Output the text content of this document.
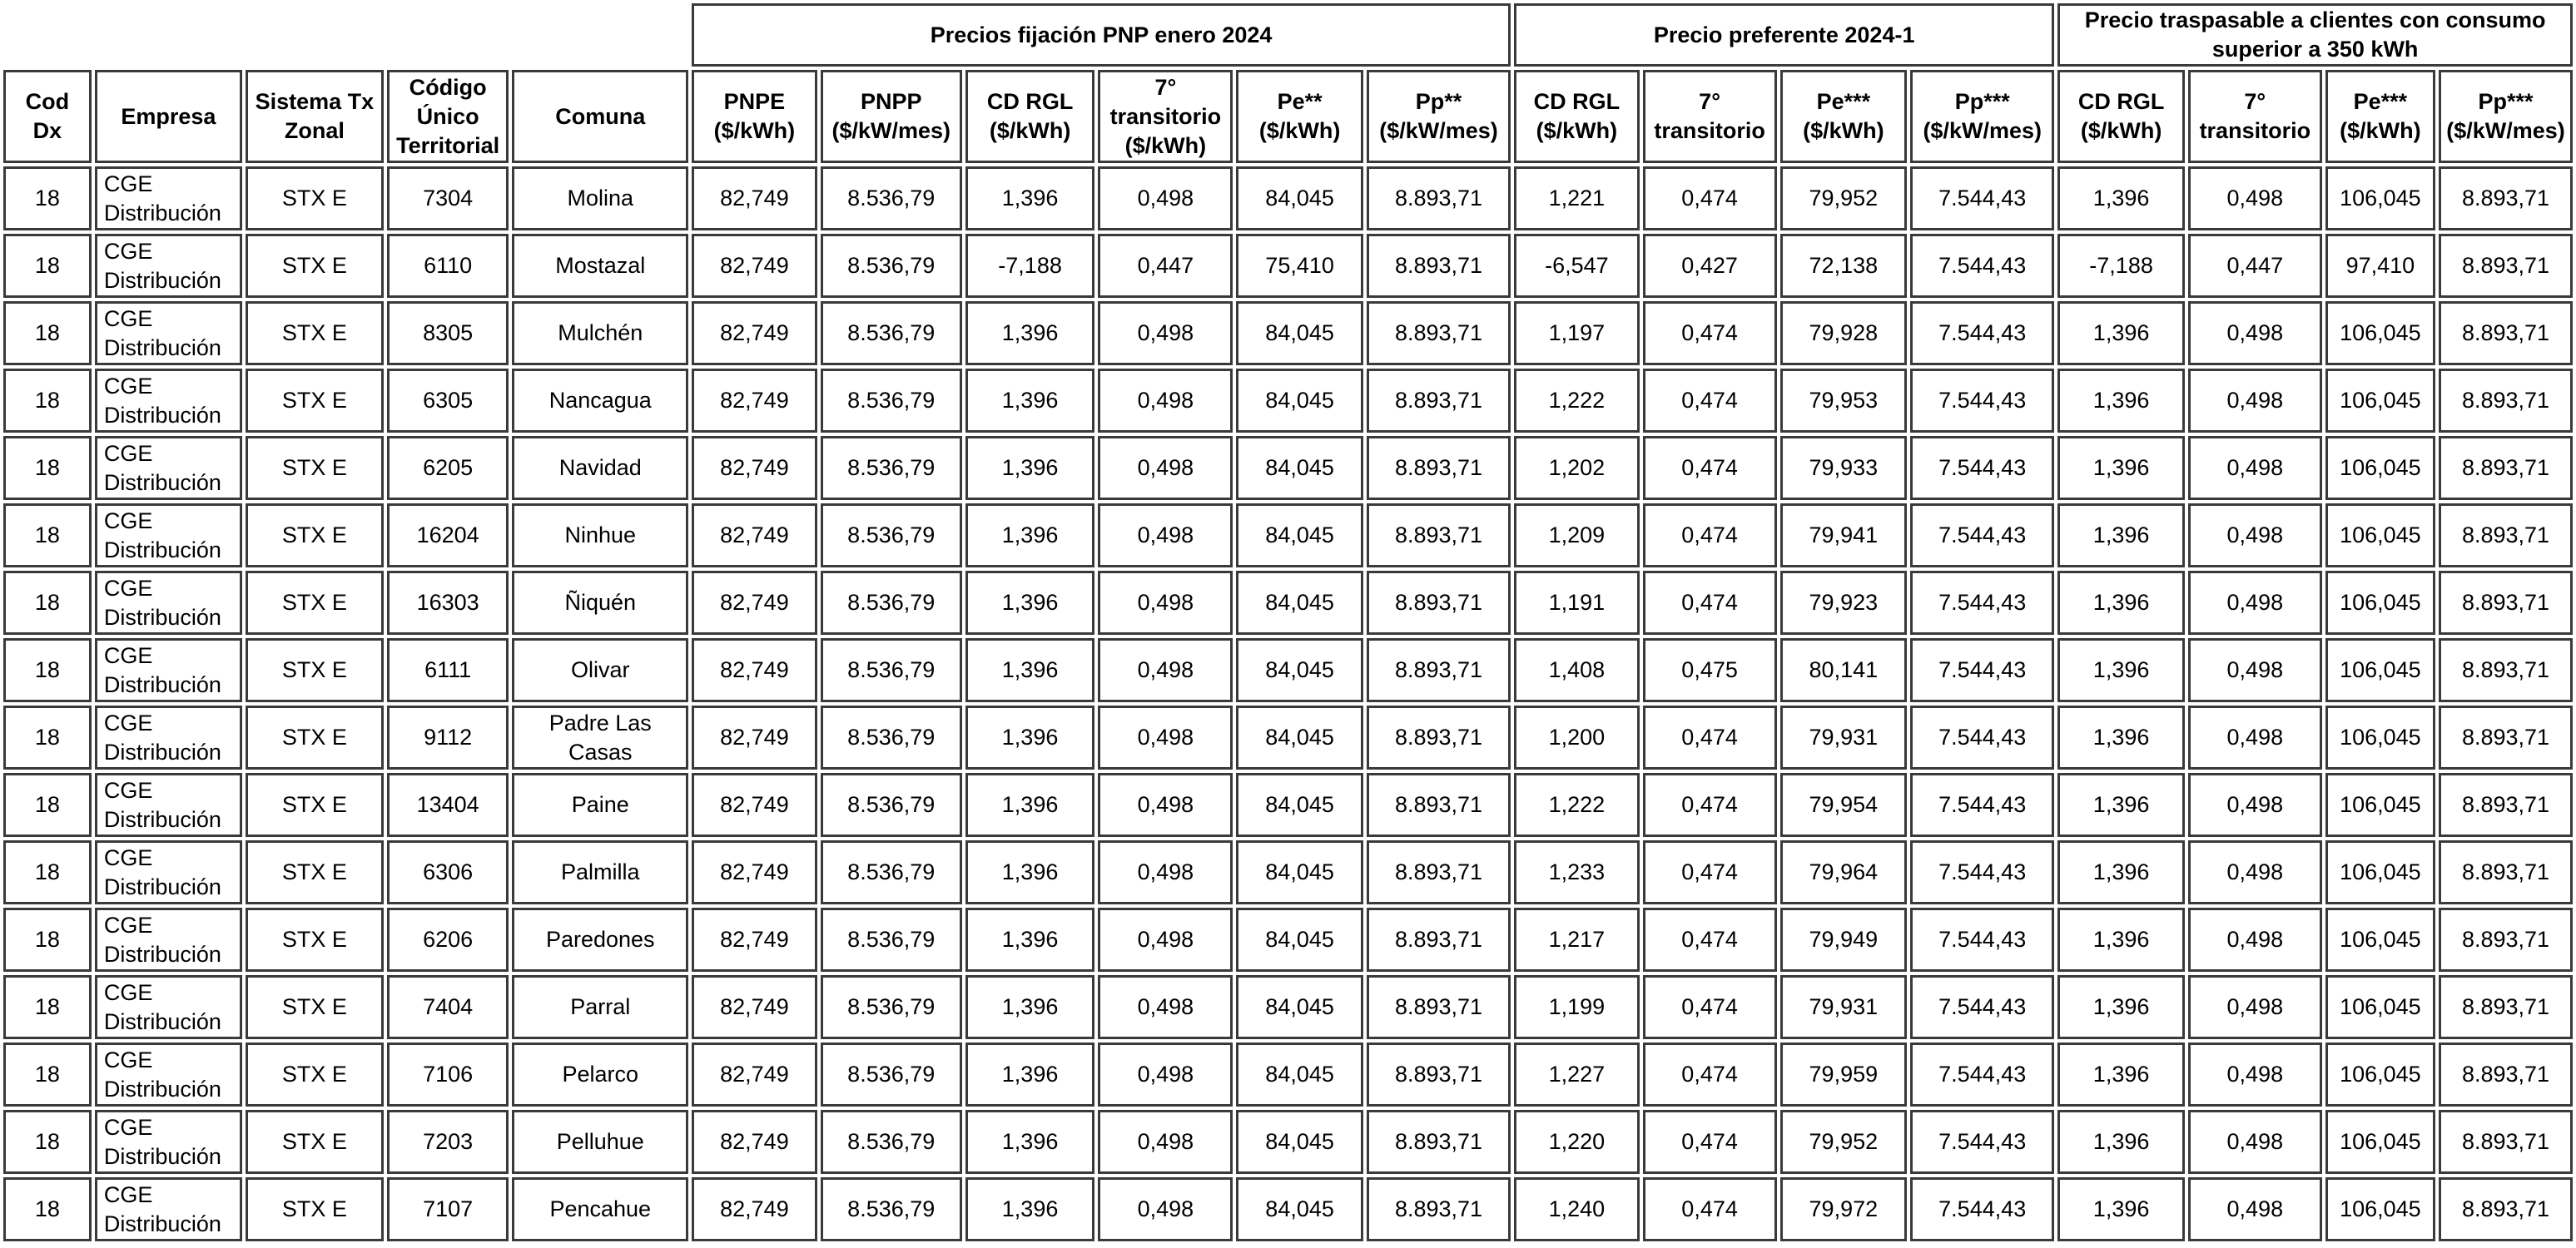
					Precios fijación PNP enero 2024						Precio preferente 2024-1				Precio traspasable a clientes con consumo superior a 350 kWh			
Cod Dx	Empresa	Sistema Tx Zonal	Código Único Territorial	Comuna	PNPE ($/kWh)	PNPP ($/kW/mes)	CD RGL ($/kWh)	7° transitorio ($/kWh)	Pe** ($/kWh)	Pp** ($/kW/mes)	CD RGL ($/kWh)	7° transitorio	Pe*** ($/kWh)	Pp*** ($/kW/mes)	CD RGL ($/kWh)	7° transitorio	Pe*** ($/kWh)	Pp*** ($/kW/mes)
18	CGE Distribución	STX E	7304	Molina	82,749	8.536,79	1,396	0,498	84,045	8.893,71	1,221	0,474	79,952	7.544,43	1,396	0,498	106,045	8.893,71
18	CGE Distribución	STX E	6110	Mostazal	82,749	8.536,79	-7,188	0,447	75,410	8.893,71	-6,547	0,427	72,138	7.544,43	-7,188	0,447	97,410	8.893,71
18	CGE Distribución	STX E	8305	Mulchén	82,749	8.536,79	1,396	0,498	84,045	8.893,71	1,197	0,474	79,928	7.544,43	1,396	0,498	106,045	8.893,71
18	CGE Distribución	STX E	6305	Nancagua	82,749	8.536,79	1,396	0,498	84,045	8.893,71	1,222	0,474	79,953	7.544,43	1,396	0,498	106,045	8.893,71
18	CGE Distribución	STX E	6205	Navidad	82,749	8.536,79	1,396	0,498	84,045	8.893,71	1,202	0,474	79,933	7.544,43	1,396	0,498	106,045	8.893,71
18	CGE Distribución	STX E	16204	Ninhue	82,749	8.536,79	1,396	0,498	84,045	8.893,71	1,209	0,474	79,941	7.544,43	1,396	0,498	106,045	8.893,71
18	CGE Distribución	STX E	16303	Ñiquén	82,749	8.536,79	1,396	0,498	84,045	8.893,71	1,191	0,474	79,923	7.544,43	1,396	0,498	106,045	8.893,71
18	CGE Distribución	STX E	6111	Olivar	82,749	8.536,79	1,396	0,498	84,045	8.893,71	1,408	0,475	80,141	7.544,43	1,396	0,498	106,045	8.893,71
18	CGE Distribución	STX E	9112	Padre Las Casas	82,749	8.536,79	1,396	0,498	84,045	8.893,71	1,200	0,474	79,931	7.544,43	1,396	0,498	106,045	8.893,71
18	CGE Distribución	STX E	13404	Paine	82,749	8.536,79	1,396	0,498	84,045	8.893,71	1,222	0,474	79,954	7.544,43	1,396	0,498	106,045	8.893,71
18	CGE Distribución	STX E	6306	Palmilla	82,749	8.536,79	1,396	0,498	84,045	8.893,71	1,233	0,474	79,964	7.544,43	1,396	0,498	106,045	8.893,71
18	CGE Distribución	STX E	6206	Paredones	82,749	8.536,79	1,396	0,498	84,045	8.893,71	1,217	0,474	79,949	7.544,43	1,396	0,498	106,045	8.893,71
18	CGE Distribución	STX E	7404	Parral	82,749	8.536,79	1,396	0,498	84,045	8.893,71	1,199	0,474	79,931	7.544,43	1,396	0,498	106,045	8.893,71
18	CGE Distribución	STX E	7106	Pelarco	82,749	8.536,79	1,396	0,498	84,045	8.893,71	1,227	0,474	79,959	7.544,43	1,396	0,498	106,045	8.893,71
18	CGE Distribución	STX E	7203	Pelluhue	82,749	8.536,79	1,396	0,498	84,045	8.893,71	1,220	0,474	79,952	7.544,43	1,396	0,498	106,045	8.893,71
18	CGE Distribución	STX E	7107	Pencahue	82,749	8.536,79	1,396	0,498	84,045	8.893,71	1,240	0,474	79,972	7.544,43	1,396	0,498	106,045	8.893,71
